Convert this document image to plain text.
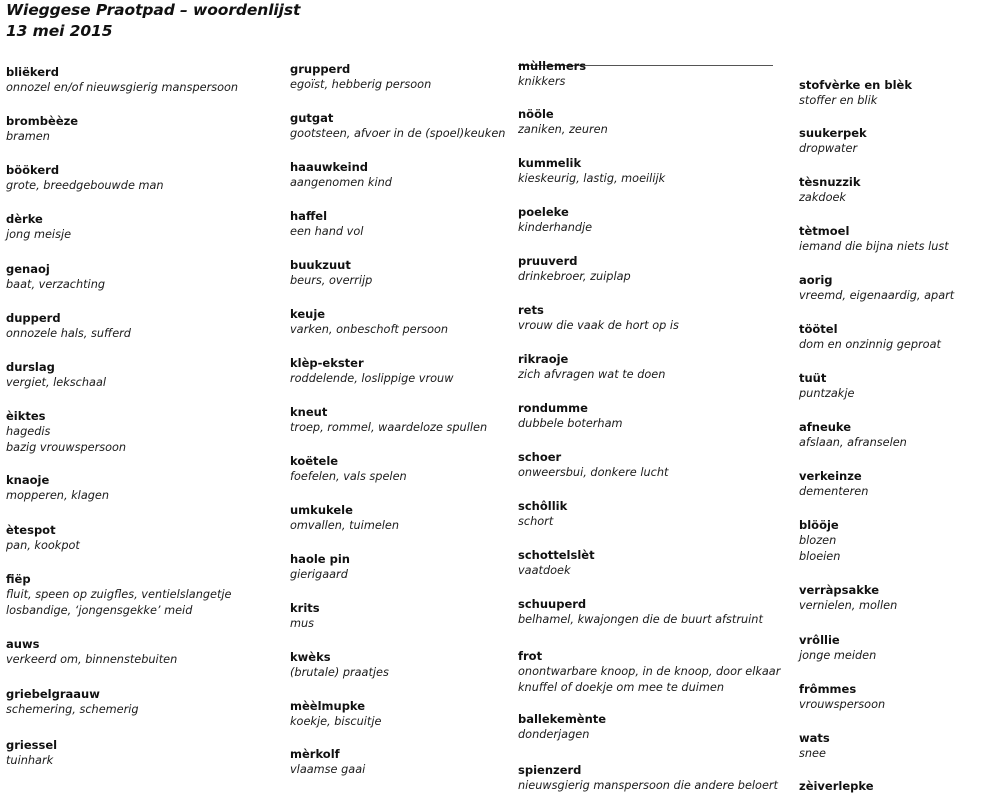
Wieggese Praotpad – woordenlijst
13 mei 2015
bliëkerd
onnozel en/of nieuwsgierig manspersoon
brombèèze
bramen
böökerd
grote, breedgebouwde man
dèrke
jong meisje
genaoj
baat, verzachting
dupperd
onnozele hals, sufferd
durslag
vergiet, lekschaal
èiktes
hagedis
bazig vrouwspersoon
knaoje
mopperen, klagen
ètespot
pan, kookpot
fiëp
fluit, speen op zuigfles, ventielslangetje
losbandige, ‘jongensgekke’ meid
auws
verkeerd om, binnenstebuiten
griebelgraauw
schemering, schemerig
griessel
tuinhark
grupperd
egoïst, hebberig persoon
gutgat
gootsteen, afvoer in de (spoel)keuken
haauwkeind
aangenomen kind
haffel
een hand vol
buukzuut
beurs, overrijp
keuje
varken, onbeschoft persoon
klèp-ekster
roddelende, loslippige vrouw
kneut
troep, rommel, waardeloze spullen
koëtele
foefelen, vals spelen
umkukele
omvallen, tuimelen
haole pin
gierigaard
krits
mus
kwèks
(brutale) praatjes
mèèlmupke
koekje, biscuitje
mèrkolf
vlaamse gaai
mùllemers
knikkers
nööle
zaniken, zeuren
kummelik
kieskeurig, lastig, moeilijk
poeleke
kinderhandje
pruuverd
drinkebroer, zuiplap
rets
vrouw die vaak de hort op is
rikraoje
zich afvragen wat te doen
rondumme
dubbele boterham
schoer
onweersbui, donkere lucht
schôllik
schort
schottelslèt
vaatdoek
schuuperd
belhamel, kwajongen die de buurt afstruint
frot
onontwarbare knoop, in de knoop, door elkaar
knuffel of doekje om mee te duimen
ballekemènte
donderjagen
spienzerd
nieuwsgierig manspersoon die andere beloert
stofvèrke en blèk
stoffer en blik
suukerpek
dropwater
tèsnuzzik
zakdoek
tètmoel
iemand die bijna niets lust
aorig
vreemd, eigenaardig, apart
töötel
dom en onzinnig geproat
tuüt
puntzakje
afneuke
afslaan, afranselen
verkeinze
dementeren
blööje
blozen
bloeien
verràpsakke
vernielen, mollen
vrôllie
jonge meiden
frômmes
vrouwspersoon
wats
snee
zèiverlepke
